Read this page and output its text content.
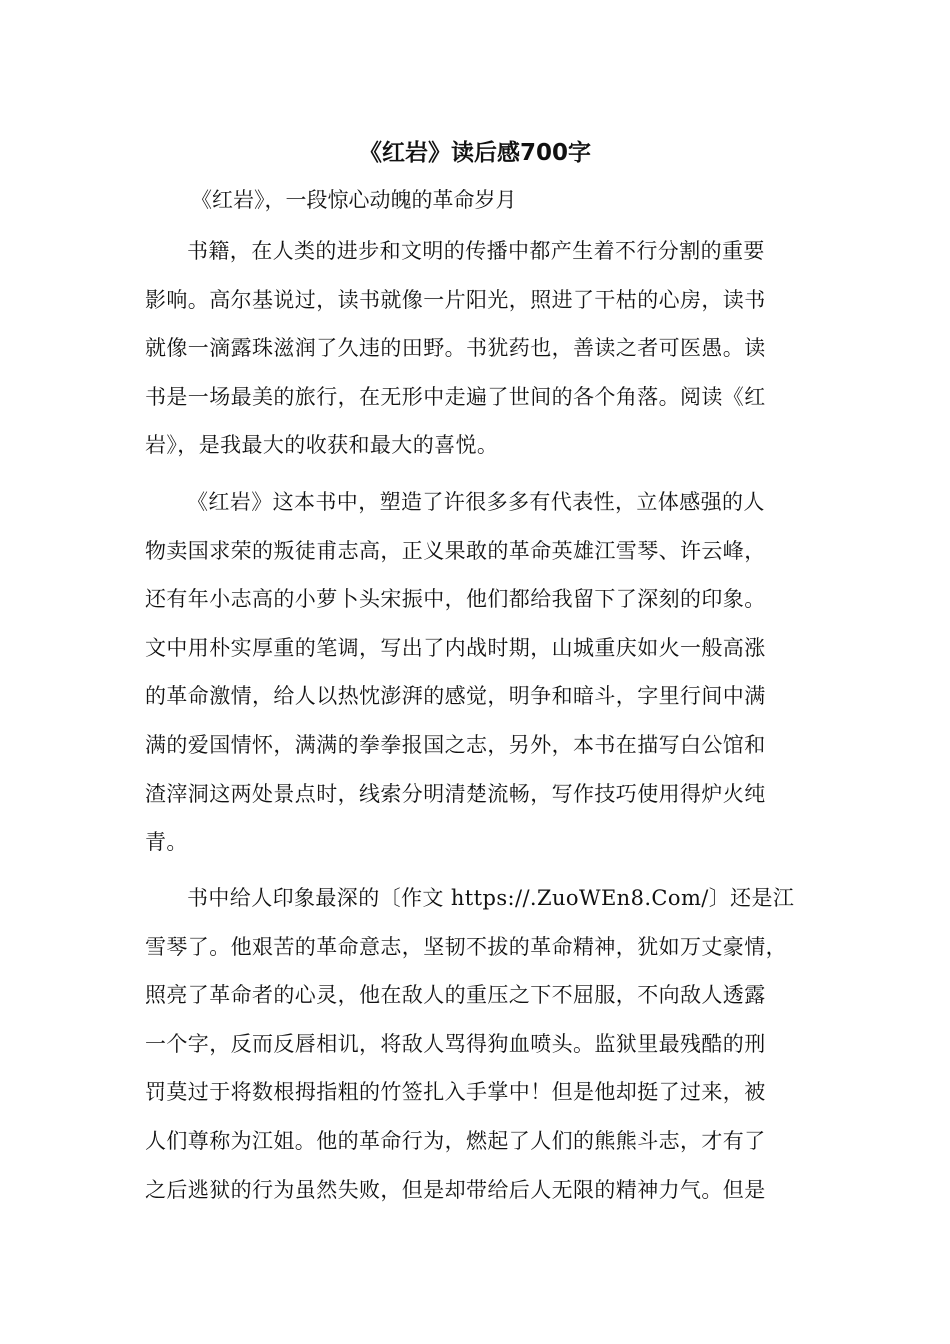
《红岩》读后感700字

《红岩》，一段惊心动魄的革命岁月

书籍，在人类的进步和文明的传播中都产生着不行分割的重要
影响。高尔基说过，读书就像一片阳光，照进了干枯的心房，读书
就像一滴露珠滋润了久违的田野。书犹药也，善读之者可医愚。读
书是一场最美的旅行，在无形中走遍了世间的各个角落。阅读《红
岩》，是我最大的收获和最大的喜悦。
《红岩》这本书中，塑造了许很多多有代表性，立体感强的人
物卖国求荣的叛徒甫志高，正义果敢的革命英雄江雪琴、许云峰，
还有年小志高的小萝卜头宋振中，他们都给我留下了深刻的印象。
文中用朴实厚重的笔调，写出了内战时期，山城重庆如火一般高涨
的革命激情，给人以热忱澎湃的感觉，明争和暗斗，字里行间中满
满的爱国情怀，满满的拳拳报国之志，另外，本书在描写白公馆和
渣滓洞这两处景点时，线索分明清楚流畅，写作技巧使用得炉火纯
青。
书中给人印象最深的〔作文 https://.ZuoWEn8.Com/〕还是江
雪琴了。他艰苦的革命意志，坚韧不拔的革命精神，犹如万丈豪情，
照亮了革命者的心灵，他在敌人的重压之下不屈服，不向敌人透露
一个字，反而反唇相讥，将敌人骂得狗血喷头。监狱里最残酷的刑
罚莫过于将数根拇指粗的竹签扎入手掌中！但是他却挺了过来，被
人们尊称为江姐。他的革命行为，燃起了人们的熊熊斗志，才有了
之后逃狱的行为虽然失败，但是却带给后人无限的精神力气。但是
